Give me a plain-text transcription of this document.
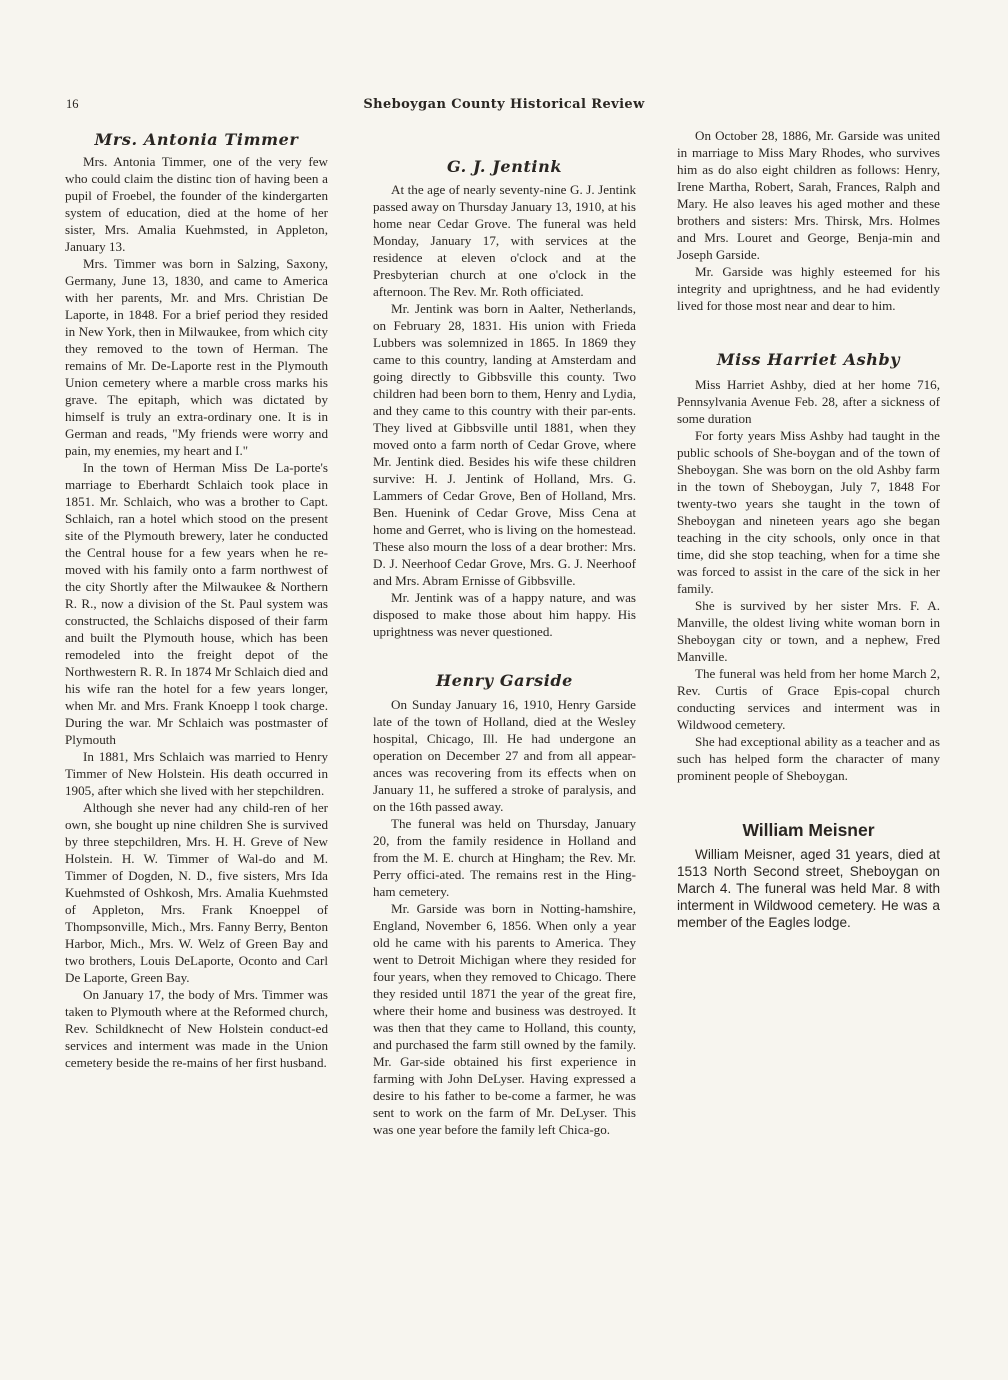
16	Sheboygan County Historical Review
Mrs. Antonia Timmer

Mrs. Antonia Timmer, one of the very few who could claim the distinc tion of having been a pupil of Froebel, the founder of the kindergarten system of education, died at the home of her sister, Mrs. Amalia Kuehmsted, in Appleton, January 13.

Mrs. Timmer was born in Salzing, Saxony, Germany, June 13, 1830, and came to America with her parents, Mr. and Mrs. Christian De Laporte, in 1848. For a brief period they resided in New York, then in Milwaukee, from which city they removed to the town of Herman. The remains of Mr. De-Laporte rest in the Plymouth Union cemetery where a marble cross marks his grave. The epitaph, which was dictated by himself is truly an extra-ordinary one. It is in German and reads, "My friends were worry and pain, my enemies, my heart and I."

In the town of Herman Miss De La-porte's marriage to Eberhardt Schlaich took place in 1851. Mr. Schlaich, who was a brother to Capt. Schlaich, ran a hotel which stood on the present site of the Plymouth brewery, later he conducted the Central house for a few years when he re-moved with his family onto a farm northwest of the city Shortly after the Milwaukee & Northern R. R., now a division of the St. Paul system was constructed, the Schlaichs disposed of their farm and built the Plymouth house, which has been remodeled into the freight depot of the Northwestern R. R. In 1874 Mr Schlaich died and his wife ran the hotel for a few years longer, when Mr. and Mrs. Frank Knoepp l took charge. During the war. Mr Schlaich was postmaster of Plymouth

In 1881, Mrs Schlaich was married to Henry Timmer of New Holstein. His death occurred in 1905, after which she lived with her stepchildren.

Although she never had any child-ren of her own, she bought up nine children She is survived by three stepchildren, Mrs. H. H. Greve of New Holstein. H. W. Timmer of Wal-do and M. Timmer of Dogden, N. D., five sisters, Mrs Ida Kuehmsted of Oshkosh, Mrs. Amalia Kuehmsted of Appleton, Mrs. Frank Knoeppel of Thompsonville, Mich., Mrs. Fanny Berry, Benton Harbor, Mich., Mrs. W. Welz of Green Bay and two brothers, Louis DeLaporte, Oconto and Carl De Laporte, Green Bay.

On January 17, the body of Mrs. Timmer was taken to Plymouth where at the Reformed church, Rev. Schildknecht of New Holstein conduct-ed services and interment was made in the Union cemetery beside the re-mains of her first husband.

G. J. Jentink

At the age of nearly seventy-nine G. J. Jentink passed away on Thursday January 13, 1910, at his home near Cedar Grove. The funeral was held Monday, January 17, with services at the residence at eleven o'clock and at the Presbyterian church at one o'clock in the afternoon. The Rev. Mr. Roth officiated.

Mr. Jentink was born in Aalter, Netherlands, on February 28, 1831. His union with Frieda Lubbers was solemnized in 1865. In 1869 they came to this country, landing at Amsterdam and going directly to Gibbsville this county. Two children had been born to them, Henry and Lydia, and they came to this country with their par-ents. They lived at Gibbsville until 1881, when they moved onto a farm north of Cedar Grove, where Mr. Jentink died. Besides his wife these children survive: H. J. Jentink of Holland, Mrs. G. Lammers of Cedar Grove, Ben of Holland, Mrs. Ben. Huenink of Cedar Grove, Miss Cena at home and Gerret, who is living on the homestead. These also mourn the loss of a dear brother: Mrs. D. J. Neerhoof Cedar Grove, Mrs. G. J. Neerhoof and Mrs. Abram Ernisse of Gibbsville.

Mr. Jentink was of a happy nature, and was disposed to make those about him happy. His uprightness was never questioned.

Henry Garside

On Sunday January 16, 1910, Henry Garside late of the town of Holland, died at the Wesley hospital, Chicago, Ill. He had undergone an operation on December 27 and from all appear-ances was recovering from its effects when on January 11, he suffered a stroke of paralysis, and on the 16th passed away.

The funeral was held on Thursday, January 20, from the family residence in Holland and from the M. E. church at Hingham; the Rev. Mr. Perry offici-ated. The remains rest in the Hing-ham cemetery.

Mr. Garside was born in Notting-hamshire, England, November 6, 1856. When only a year old he came with his parents to America. They went to Detroit Michigan where they resided for four years, when they removed to Chicago. There they resided until 1871 the year of the great fire, where their home and business was destroyed. It was then that they came to Holland, this county, and purchased the farm still owned by the family. Mr. Gar-side obtained his first experience in farming with John DeLyser. Having expressed a desire to his father to be-come a farmer, he was sent to work on the farm of Mr. DeLyser. This was one year before the family left Chica-go.

On October 28, 1886, Mr. Garside was united in marriage to Miss Mary Rhodes, who survives him as do also eight children as follows: Henry, Irene Martha, Robert, Sarah, Frances, Ralph and Mary. He also leaves his aged mother and these brothers and sisters: Mrs. Thirsk, Mrs. Holmes and Mrs. Louret and George, Benja-min and Joseph Garside.

Mr. Garside was highly esteemed for his integrity and uprightness, and he had evidently lived for those most near and dear to him.

Miss Harriet Ashby

Miss Harriet Ashby, died at her home 716, Pennsylvania Avenue Feb. 28, after a sickness of some duration

For forty years Miss Ashby had taught in the public schools of She-boygan and of the town of Sheboygan. She was born on the old Ashby farm in the town of Sheboygan, July 7, 1848 For twenty-two years she taught in the town of Sheboygan and nineteen years ago she began teaching in the city schools, only once in that time, did she stop teaching, when for a time she was forced to assist in the care of the sick in her family.

She is survived by her sister Mrs. F. A. Manville, the oldest living white woman born in Sheboygan city or town, and a nephew, Fred Manville.

The funeral was held from her home March 2, Rev. Curtis of Grace Epis-copal church conducting services and interment was in Wildwood cemetery.

She had exceptional ability as a teacher and as such has helped form the character of many prominent people of Sheboygan.

William Meisner

William Meisner, aged 31 years, died at 1513 North Second street, Sheboygan on March 4. The funeral was held Mar. 8 with interment in Wildwood cemetery. He was a member of the Eagles lodge.
